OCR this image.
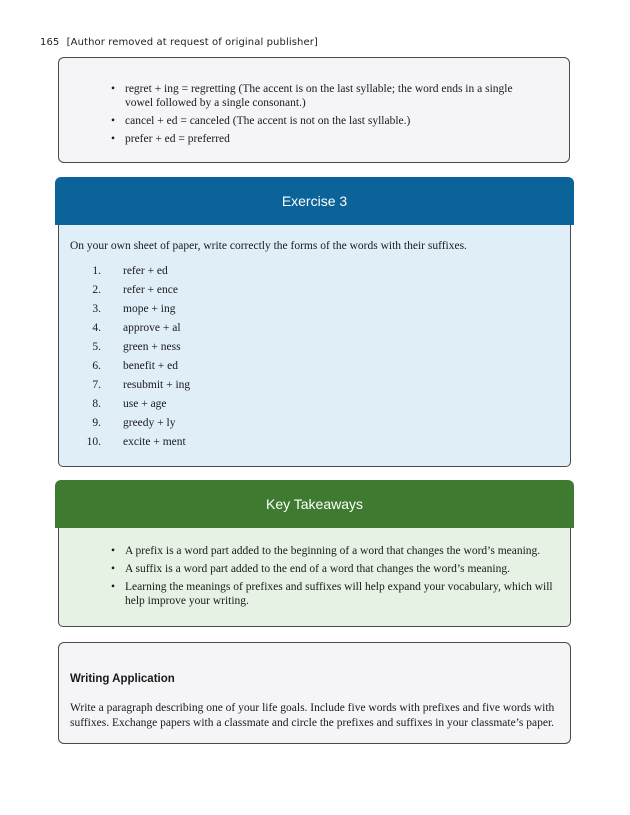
165 [Author removed at request of original publisher]
• regret + ing = regretting (The accent is on the last syllable; the word ends in a single vowel followed by a single consonant.)
• cancel + ed = canceled (The accent is not on the last syllable.)
• prefer + ed = preferred
Exercise 3
On your own sheet of paper, write correctly the forms of the words with their suffixes.
1. refer + ed
2. refer + ence
3. mope + ing
4. approve + al
5. green + ness
6. benefit + ed
7. resubmit + ing
8. use + age
9. greedy + ly
10. excite + ment
Key Takeaways
• A prefix is a word part added to the beginning of a word that changes the word’s meaning.
• A suffix is a word part added to the end of a word that changes the word’s meaning.
• Learning the meanings of prefixes and suffixes will help expand your vocabulary, which will help improve your writing.
Writing Application
Write a paragraph describing one of your life goals. Include five words with prefixes and five words with suffixes. Exchange papers with a classmate and circle the prefixes and suffixes in your classmate’s paper.
